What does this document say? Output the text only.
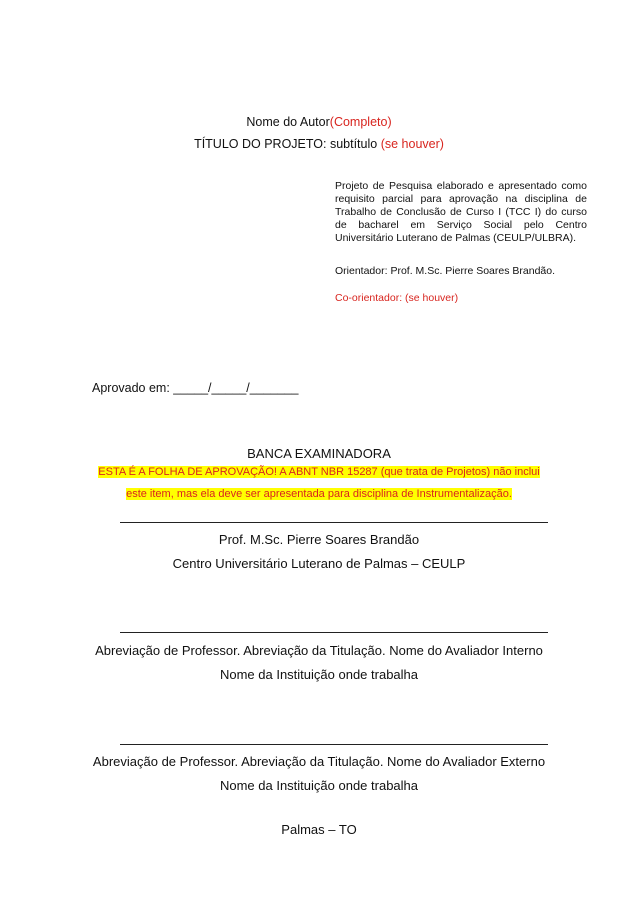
Nome do Autor(Completo)
TÍTULO DO PROJETO: subtítulo (se houver)

Projeto de Pesquisa elaborado e apresentado como requisito parcial para aprovação na disciplina de Trabalho de Conclusão de Curso I (TCC I) do curso de bacharel em Serviço Social pelo Centro Universitário Luterano de Palmas (CEULP/ULBRA).

Orientador: Prof. M.Sc. Pierre Soares Brandão.

Co-orientador: (se houver)

Aprovado em: _____/_____/_______
BANCA EXAMINADORA
ESTA É A FOLHA DE APROVAÇÃO! A ABNT NBR 15287 (que trata de Projetos) não inclui
este item, mas ela deve ser apresentada para disciplina de Instrumentalização.
Prof. M.Sc. Pierre Soares Brandão
Centro Universitário Luterano de Palmas – CEULP
Abreviação de Professor. Abreviação da Titulação. Nome do Avaliador Interno
Nome da Instituição onde trabalha
Abreviação de Professor. Abreviação da Titulação. Nome do Avaliador Externo
Nome da Instituição onde trabalha
Palmas – TO
